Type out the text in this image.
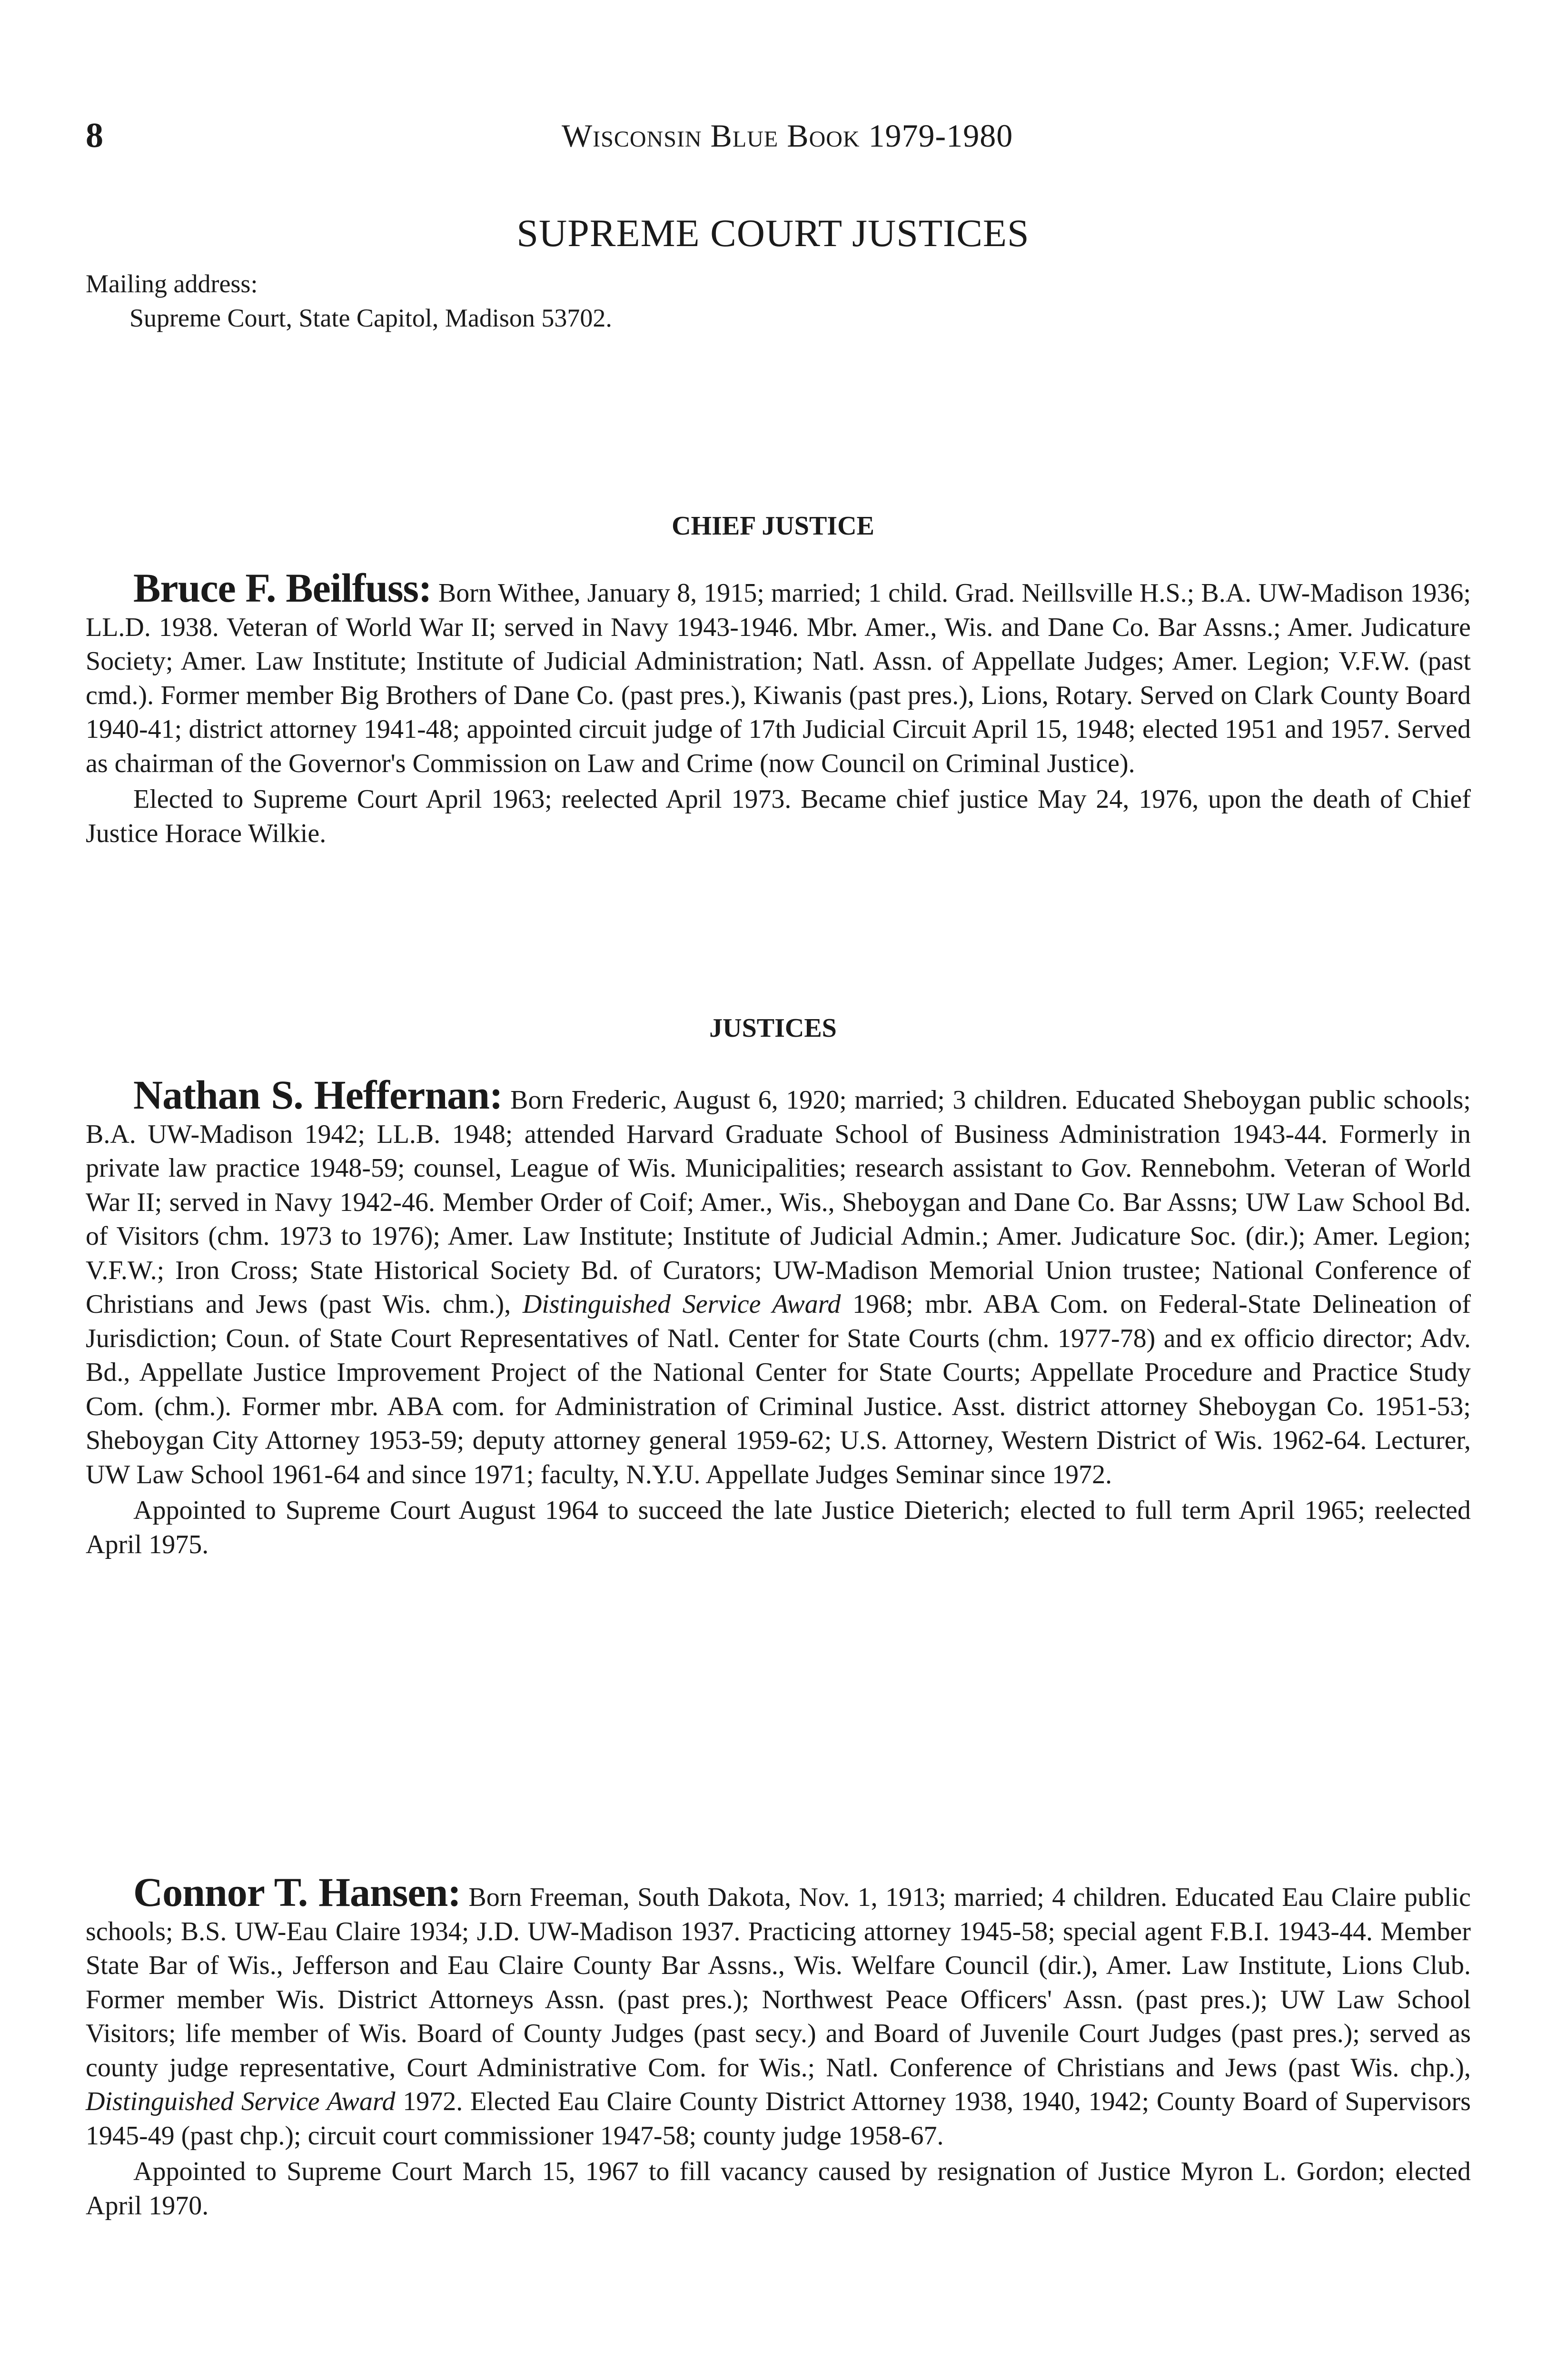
8	Wisconsin Blue Book 1979-1980
SUPREME COURT JUSTICES
Mailing address:
Supreme Court, State Capitol, Madison 53702.
CHIEF JUSTICE

Bruce F. Beilfuss: Born Withee, January 8, 1915; married; 1 child. Grad. Neillsville H.S.; B.A. UW-Madison 1936; LL.D. 1938. Veteran of World War II; served in Navy 1943-1946. Mbr. Amer., Wis. and Dane Co. Bar Assns.; Amer. Judicature Society; Amer. Law Institute; Institute of Judicial Administration; Natl. Assn. of Appellate Judges; Amer. Legion; V.F.W. (past cmd.). Former member Big Brothers of Dane Co. (past pres.), Kiwanis (past pres.), Lions, Rotary. Served on Clark County Board 1940-41; district attorney 1941-48; appointed circuit judge of 17th Judicial Circuit April 15, 1948; elected 1951 and 1957. Served as chairman of the Governor's Commission on Law and Crime (now Council on Criminal Justice).

Elected to Supreme Court April 1963; reelected April 1973. Became chief justice May 24, 1976, upon the death of Chief Justice Horace Wilkie.

JUSTICES

Nathan S. Heffernan: Born Frederic, August 6, 1920; married; 3 children. Educated Sheboygan public schools; B.A. UW-Madison 1942; LL.B. 1948; attended Harvard Graduate School of Business Administration 1943-44. Formerly in private law practice 1948-59; counsel, League of Wis. Municipalities; research assistant to Gov. Rennebohm. Veteran of World War II; served in Navy 1942-46. Member Order of Coif; Amer., Wis., Sheboygan and Dane Co. Bar Assns; UW Law School Bd. of Visitors (chm. 1973 to 1976); Amer. Law Institute; Institute of Judicial Admin.; Amer. Judicature Soc. (dir.); Amer. Legion; V.F.W.; Iron Cross; State Historical Society Bd. of Curators; UW-Madison Memorial Union trustee; National Conference of Christians and Jews (past Wis. chm.), Distinguished Service Award 1968; mbr. ABA Com. on Federal-State Delineation of Jurisdiction; Coun. of State Court Representatives of Natl. Center for State Courts (chm. 1977-78) and ex officio director; Adv. Bd., Appellate Justice Improvement Project of the National Center for State Courts; Appellate Procedure and Practice Study Com. (chm.). Former mbr. ABA com. for Administration of Criminal Justice. Asst. district attorney Sheboygan Co. 1951-53; Sheboygan City Attorney 1953-59; deputy attorney general 1959-62; U.S. Attorney, Western District of Wis. 1962-64. Lecturer, UW Law School 1961-64 and since 1971; faculty, N.Y.U. Appellate Judges Seminar since 1972.

Appointed to Supreme Court August 1964 to succeed the late Justice Dieterich; elected to full term April 1965; reelected April 1975.

Connor T. Hansen: Born Freeman, South Dakota, Nov. 1, 1913; married; 4 children. Educated Eau Claire public schools; B.S. UW-Eau Claire 1934; J.D. UW-Madison 1937. Practicing attorney 1945-58; special agent F.B.I. 1943-44. Member State Bar of Wis., Jefferson and Eau Claire County Bar Assns., Wis. Welfare Council (dir.), Amer. Law Institute, Lions Club. Former member Wis. District Attorneys Assn. (past pres.); Northwest Peace Officers' Assn. (past pres.); UW Law School Visitors; life member of Wis. Board of County Judges (past secy.) and Board of Juvenile Court Judges (past pres.); served as county judge representative, Court Administrative Com. for Wis.; Natl. Conference of Christians and Jews (past Wis. chp.), Distinguished Service Award 1972. Elected Eau Claire County District Attorney 1938, 1940, 1942; County Board of Supervisors 1945-49 (past chp.); circuit court commissioner 1947-58; county judge 1958-67.

Appointed to Supreme Court March 15, 1967 to fill vacancy caused by resignation of Justice Myron L. Gordon; elected April 1970.
